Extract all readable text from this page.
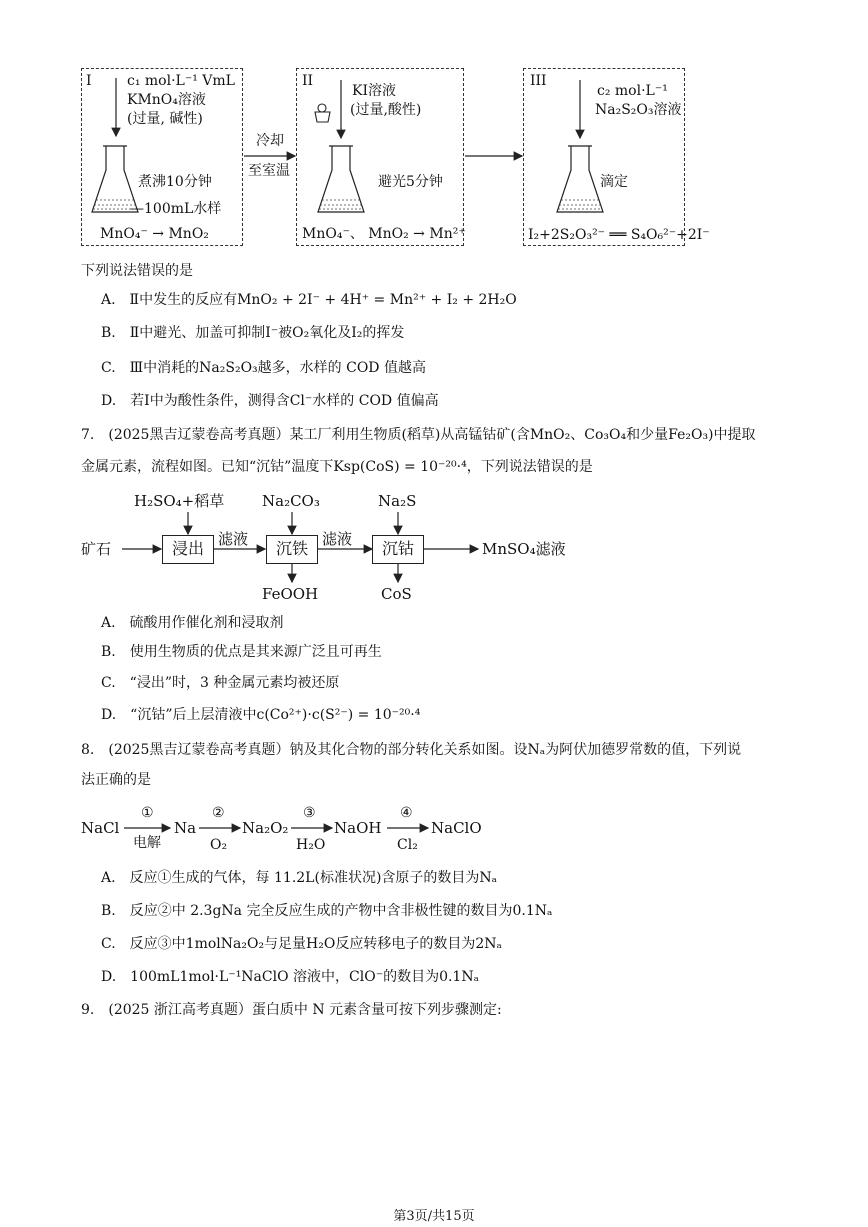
I	c₁ mol·L⁻¹ VmL
KMnO₄溶液
(过量, 碱性)
煮沸10分钟
—100mL水样
MnO₄⁻ → MnO₂
冷却
至室温
II
KI溶液
(过量,酸性)
避光5分钟
MnO₄⁻、 MnO₂ → Mn²⁺
III
c₂ mol·L⁻¹
Na₂S₂O₃溶液
滴定
I₂+2S₂O₃²⁻ ══ S₄O₆²⁻+2I⁻
下列说法错误的是
A.　Ⅱ中发生的反应有MnO₂ + 2I⁻ + 4H⁺ = Mn²⁺ + I₂ + 2H₂O
B.　Ⅱ中避光、加盖可抑制I⁻被O₂氧化及I₂的挥发
C.　Ⅲ中消耗的Na₂S₂O₃越多，水样的 COD 值越高
D.　若Ⅰ中为酸性条件，测得含Cl⁻水样的 COD 值偏高
7.　(2025黑吉辽蒙卷高考真题）某工厂利用生物质(稻草)从高锰钴矿(含MnO₂、Co₃O₄和少量Fe₂O₃)中提取
金属元素，流程如图。已知“沉钴”温度下Ksp(CoS) = 10⁻²⁰·⁴，下列说法错误的是
矿石
H₂SO₄+稻草
浸出 滤液
Na₂CO₃
沉铁
FeOOH
滤液
Na₂S
沉钴
CoS
MnSO₄滤液
A.　硫酸用作催化剂和浸取剂
B.　使用生物质的优点是其来源广泛且可再生
C.　“浸出”时，3 种金属元素均被还原
D.　“沉钴”后上层清液中c(Co²⁺)·c(S²⁻) = 10⁻²⁰·⁴
8.　(2025黑吉辽蒙卷高考真题）钠及其化合物的部分转化关系如图。设Nₐ为阿伏加德罗常数的值，下列说
法正确的是
NaCl
①
电解
Na
②
O₂
Na₂O₂
③
H₂O
NaOH
④
Cl₂
NaClO
A.　反应①生成的气体，每 11.2L(标准状况)含原子的数目为Nₐ
B.　反应②中 2.3gNa 完全反应生成的产物中含非极性键的数目为0.1Nₐ
C.　反应③中1molNa₂O₂与足量H₂O反应转移电子的数目为2Nₐ
D.　100mL1mol·L⁻¹NaClO 溶液中，ClO⁻的数目为0.1Nₐ
9.　(2025 浙江高考真题）蛋白质中 N 元素含量可按下列步骤测定:
第3页/共15页
